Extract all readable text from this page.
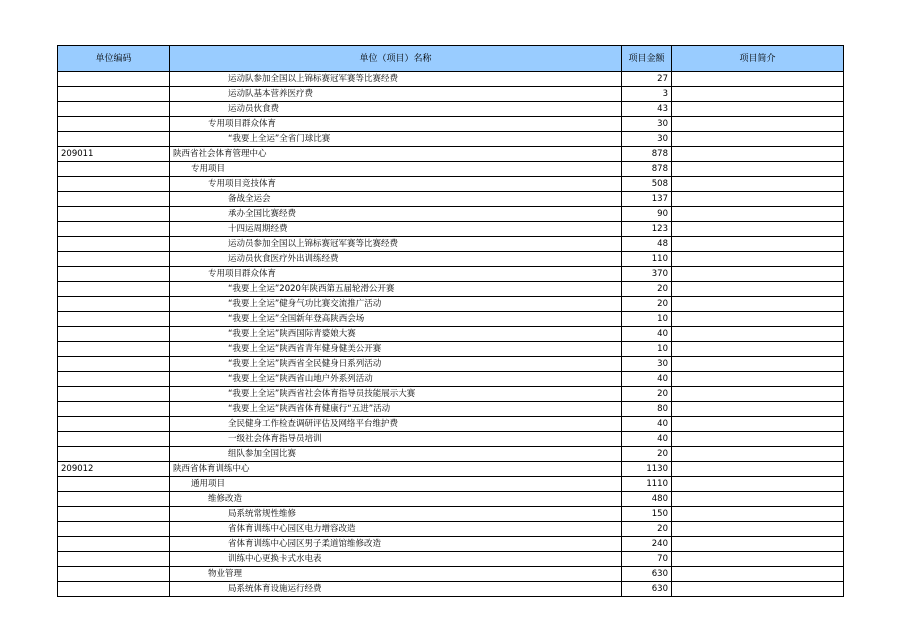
单位编码	单位（项目）名称	项目金额	项目简介
	运动队参加全国以上锦标赛冠军赛等比赛经费	27	
	运动队基本营养医疗费	3	
	运动员伙食费	43	
	专用项目群众体育	30	
	“我要上全运”全省门球比赛	30	
209011	陕西省社会体育管理中心	878	
	专用项目	878	
	专用项目竞技体育	508	
	备战全运会	137	
	承办全国比赛经费	90	
	十四运周期经费	123	
	运动员参加全国以上锦标赛冠军赛等比赛经费	48	
	运动员伙食医疗外出训练经费	110	
	专用项目群众体育	370	
	“我要上全运”2020年陕西第五届轮滑公开赛	20	
	“我要上全运”健身气功比赛交流推广活动	20	
	“我要上全运”全国新年登高陕西会场	10	
	“我要上全运”陕西国际青婆娘大赛	40	
	“我要上全运”陕西省青年健身健美公开赛	10	
	“我要上全运”陕西省全民健身日系列活动	30	
	“我要上全运”陕西省山地户外系列活动	40	
	“我要上全运”陕西省社会体育指导员技能展示大赛	20	
	“我要上全运”陕西省体育健康行“五进”活动	80	
	全民健身工作检查调研评估及网络平台维护费	40	
	一级社会体育指导员培训	40	
	组队参加全国比赛	20	
209012	陕西省体育训练中心	1130	
	通用项目	1110	
	维修改造	480	
	局系统常规性维修	150	
	省体育训练中心园区电力增容改造	20	
	省体育训练中心园区男子柔道馆维修改造	240	
	训练中心更换卡式水电表	70	
	物业管理	630	
	局系统体育设施运行经费	630	
